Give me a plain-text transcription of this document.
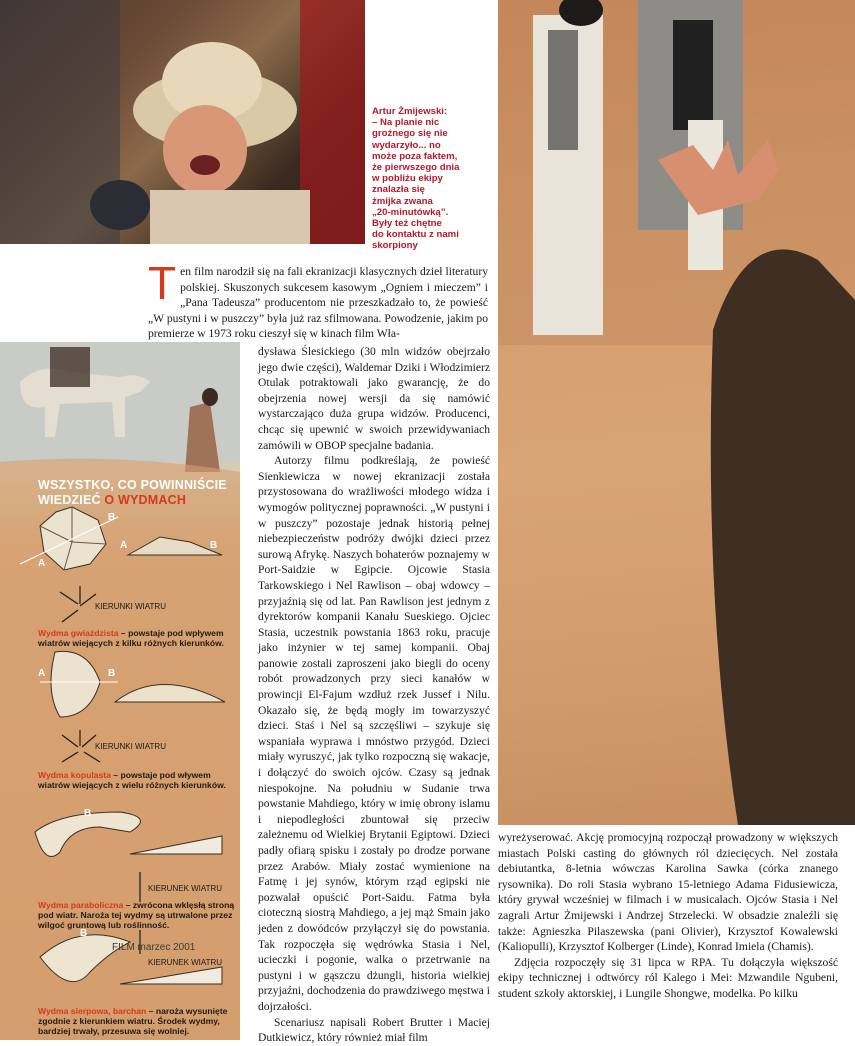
Artur Żmijewski:
– Na planie nic
groźnego się nie
wydarzyło... no
może poza faktem,
że pierwszego dnia
w pobliżu ekipy
znalazła się
żmijka zwana
„20-minutówką”.
Były też chętne
do kontaktu z nami
skorpiony
T en film narodził się na fali ekranizacji klasycznych dzieł literatury polskiej. Skuszonych sukcesem kasowym „Ogniem i mieczem” i „Pana Tadeusza” producentom nie przeszkadzało to, że powieść „W pustyni i w puszczy” była już raz sfilmowana. Powodzenie, jakim po premierze w 1973 roku cieszył się w kinach film Wła-

WSZYSTKO, CO POWINNIŚCIE
WIEDZIEĆ O WYDMACH
A
B
A	B
A	B
B
B
KIERUNKI WIATRU
Wydma gwiaździsta – powstaje pod wpływem wiatrów wiejących z kilku różnych kierunków.
KIERUNKI WIATRU
Wydma kopulasta – powstaje pod wływem wiatrów wiejących z wielu różnych kierunków.
KIERUNEK WIATRU
Wydma paraboliczna – zwrócona wklęsłą stroną pod wiatr. Naroża tej wydmy są utrwalone przez wilgoć gruntową lub roślinność.
FILM marzec 2001
KIERUNEK WIATRU
Wydma sierpowa, barchan – naroża wysunięte zgodnie z kierunkiem wiatru. Środek wydmy, bardziej trwały, przesuwa się wolniej.

dysława Ślesickiego (30 mln widzów obejrzało jego dwie części), Waldemar Dziki i Włodzimierz Otulak potraktowali jako gwarancję, że do obejrzenia nowej wersji da się namówić wystarczająco duża grupa widzów. Producenci, chcąc się upewnić w swoich przewidywaniach zamówili w OBOP specjalne badania.

Autorzy filmu podkreślają, że powieść Sienkiewicza w nowej ekranizacji została przystosowana do wrażliwości młodego widza i wymogów politycznej poprawności. „W pustyni i w puszczy” pozostaje jednak historią pełnej niebezpieczeństw podróży dwójki dzieci przez surową Afrykę. Naszych bohaterów poznajemy w Port-Saidzie w Egipcie. Ojcowie Stasia Tarkowskiego i Nel Rawlison – obaj wdowcy – przyjaźnią się od lat. Pan Rawlison jest jednym z dyrektorów kompanii Kanału Sueskiego. Ojciec Stasia, uczestnik powstania 1863 roku, pracuje jako inżynier w tej samej kompanii. Obaj panowie zostali zaproszeni jako biegli do oceny robót prowadzonych przy sieci kanałów w prowincji El-Fajum wzdłuż rzek Jussef i Nilu. Okazało się, że będą mogły im towarzyszyć dzieci. Staś i Nel są szczęśliwi – szykuje się wspaniała wyprawa i mnóstwo przygód. Dzieci miały wyruszyć, jak tylko rozpoczną się wakacje, i dołączyć do swoich ojców. Czasy są jednak niespokojne. Na południu w Sudanie trwa powstanie Mahdiego, który w imię obrony islamu i niepodległości zbuntował się przeciw zależnemu od Wielkiej Brytanii Egiptowi. Dzieci padły ofiarą spisku i zostały po drodze porwane przez Arabów. Miały zostać wymienione na Fatmę i jej synów, którym rząd egipski nie pozwalał opuścić Port-Saidu. Fatma była cioteczną siostrą Mahdiego, a jej mąż Smain jako jeden z dowódców przyłączył się do powstania. Tak rozpoczęła się wędrówka Stasia i Nel, ucieczki i pogonie, walka o przetrwanie na pustyni i w gąszczu dżungli, historia wielkiej przyjaźni, dochodzenia do prawdziwego męstwa i dojrzałości.

Scenariusz napisali Robert Brutter i Maciej Dutkiewicz, który również miał film

wyreżyserować. Akcję promocyjną rozpoczął prowadzony w większych miastach Polski casting do głównych ról dziecięcych. Nel została debiutantka, 8-letnia wówczas Karolina Sawka (córka znanego rysownika). Do roli Stasia wybrano 15-letniego Adama Fidusiewicza, który grywał wcześniej w filmach i w musicalach. Ojców Stasia i Nel zagrali Artur Żmijewski i Andrzej Strzelecki. W obsadzie znaleźli się także: Agnieszka Pilaszewska (pani Olivier), Krzysztof Kowalewski (Kaliopulli), Krzysztof Kolberger (Linde), Konrad Imiela (Chamis).

Zdjęcia rozpoczęły się 31 lipca w RPA. Tu dołączyła większość ekipy technicznej i odtwórcy ról Kalego i Mei: Mzwandile Ngubeni, student szkoły aktorskiej, i Lungile Shongwe, modelka. Po kilku
